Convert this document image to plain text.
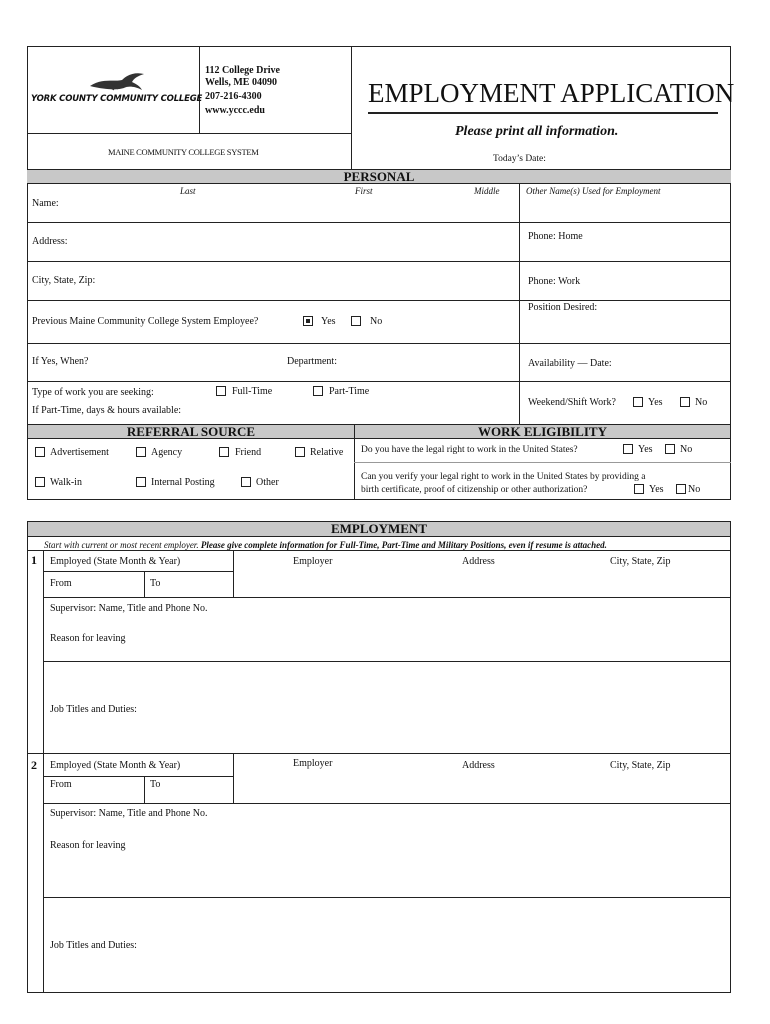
YORK COUNTY COMMUNITY COLLEGE
112 College Drive
Wells, ME 04090
207-216-4300
www.yccc.edu
MAINE COMMUNITY COLLEGE SYSTEM
EMPLOYMENT APPLICATION
Please print all information.
Today’s Date:
PERSONAL
Last	First	Middle	Other Name(s) Used for Employment
Name:
Address:	Phone: Home
City, State, Zip:	Phone: Work
Previous Maine Community College System Employee?	Yes	No
Position Desired:
If Yes, When?	Department:	Availability — Date:
Type of work you are seeking:	Full-Time	Part-Time
If Part-Time, days & hours available:
Weekend/Shift Work?	Yes	No
REFERRAL SOURCE	WORK ELIGIBILITY
Advertisement	Agency	Friend	Relative
Walk-in	Internal Posting	Other
Do you have the legal right to work in the United States?	Yes	No
Can you verify your legal right to work in the United States by providing a
birth certificate, proof of citizenship or other authorization?	Yes No
EMPLOYMENT
Start with current or most recent employer. Please give complete information for Full-Time, Part-Time and Military Positions, even if resume is attached.
1 Employed (State Month & Year)	Employer	Address	City, State, Zip
From	To
Supervisor: Name, Title and Phone No.
Reason for leaving
Job Titles and Duties:
2 Employed (State Month & Year)	Employer	Address	City, State, Zip
From	To
Supervisor: Name, Title and Phone No.
Reason for leaving
Job Titles and Duties:
